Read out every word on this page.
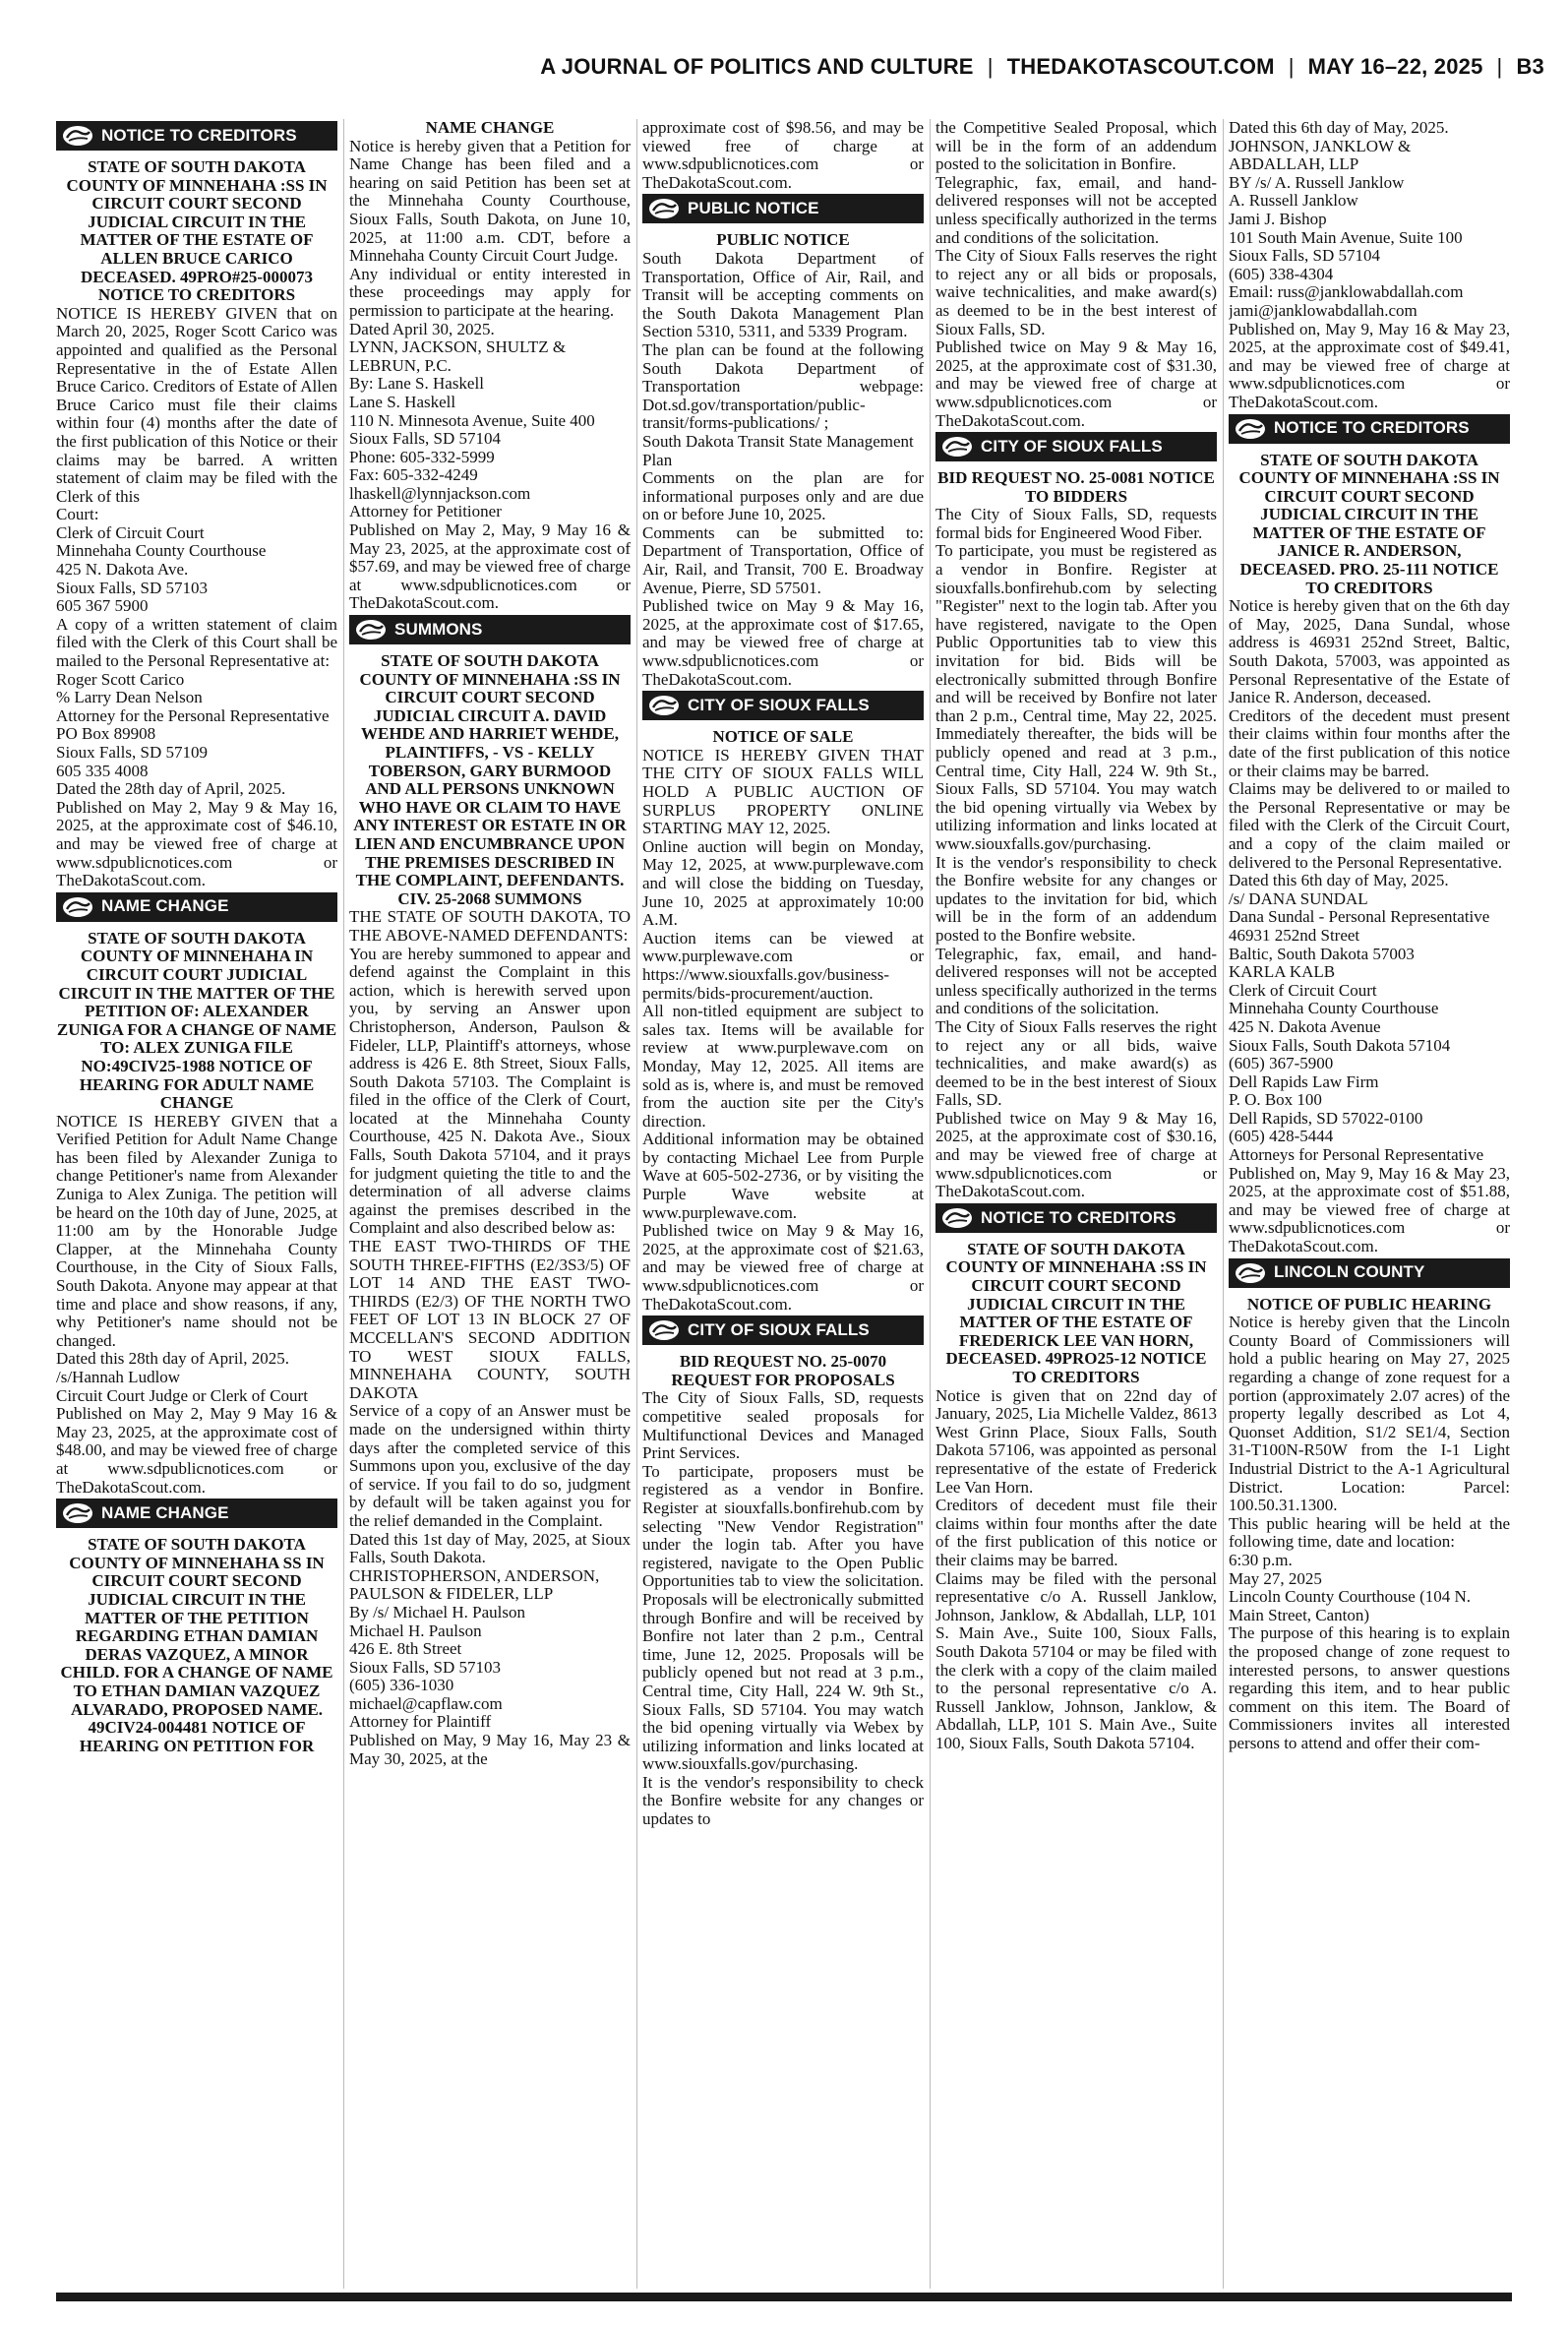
A JOURNAL OF POLITICS AND CULTURE | THEDAKOTASCOUT.COM | MAY 16–22, 2025 | B3
NOTICE TO CREDITORS
STATE OF SOUTH DAKOTA COUNTY OF MINNEHAHA :SS IN CIRCUIT COURT SECOND JUDICIAL CIRCUIT IN THE MATTER OF THE ESTATE OF ALLEN BRUCE CARICO DECEASED. 49PRO#25-000073 NOTICE TO CREDITORS
NOTICE IS HEREBY GIVEN that on March 20, 2025, Roger Scott Carico was appointed and qualified as the Personal Representative in the of Estate Allen Bruce Carico. Creditors of Estate of Allen Bruce Carico must file their claims within four (4) months after the date of the first publication of this Notice or their claims may be barred. A written statement of claim may be filed with the Clerk of this
Court:
Clerk of Circuit Court
Minnehaha County Courthouse
425 N. Dakota Ave.
Sioux Falls, SD 57103
605 367 5900
A copy of a written statement of claim filed with the Clerk of this Court shall be mailed to the Personal Representative at:
Roger Scott Carico
% Larry Dean Nelson
Attorney for the Personal Representative
PO Box 89908
Sioux Falls, SD 57109
605 335 4008
Dated the 28th day of April, 2025.
Published on May 2, May 9 & May 16, 2025, at the approximate cost of $46.10, and may be viewed free of charge at www.sdpublicnotices.com or TheDakotaScout.com.
NAME CHANGE
STATE OF SOUTH DAKOTA COUNTY OF MINNEHAHA IN CIRCUIT COURT JUDICIAL CIRCUIT IN THE MATTER OF THE PETITION OF: ALEXANDER ZUNIGA FOR A CHANGE OF NAME TO: ALEX ZUNIGA FILE NO:49CIV25-1988 NOTICE OF HEARING FOR ADULT NAME CHANGE
NOTICE IS HEREBY GIVEN that a Verified Petition for Adult Name Change has been filed by Alexander Zuniga to change Petitioner's name from Alexander Zuniga to Alex Zuniga. The petition will be heard on the 10th day of June, 2025, at 11:00 am by the Honorable Judge Clapper, at the Minnehaha County Courthouse, in the City of Sioux Falls, South Dakota. Anyone may appear at that time and place and show reasons, if any, why Petitioner's name should not be changed.
Dated this 28th day of April, 2025.
/s/Hannah Ludlow
Circuit Court Judge or Clerk of Court
Published on May 2, May 9 May 16 & May 23, 2025, at the approximate cost of $48.00, and may be viewed free of charge at www.sdpublicnotices.com or TheDakotaScout.com.
NAME CHANGE
STATE OF SOUTH DAKOTA COUNTY OF MINNEHAHA SS IN CIRCUIT COURT SECOND JUDICIAL CIRCUIT IN THE MATTER OF THE PETITION REGARDING ETHAN DAMIAN DERAS VAZQUEZ, A MINOR CHILD. FOR A CHANGE OF NAME TO ETHAN DAMIAN VAZQUEZ ALVARADO, PROPOSED NAME. 49CIV24-004481 NOTICE OF HEARING ON PETITION FOR
NAME CHANGE
Notice is hereby given that a Petition for Name Change has been filed and a hearing on said Petition has been set at the Minnehaha County Courthouse, Sioux Falls, South Dakota, on June 10, 2025, at 11:00 a.m. CDT, before a Minnehaha County Circuit Court Judge.
Any individual or entity interested in these proceedings may apply for permission to participate at the hearing.
Dated April 30, 2025.
LYNN, JACKSON, SHULTZ & LEBRUN, P.C.
By: Lane S. Haskell
Lane S. Haskell
110 N. Minnesota Avenue, Suite 400
Sioux Falls, SD 57104
Phone: 605-332-5999
Fax: 605-332-4249
lhaskell@lynnjackson.com
Attorney for Petitioner
Published on May 2, May, 9 May 16 & May 23, 2025, at the approximate cost of $57.69, and may be viewed free of charge at www.sdpublicnotices.com or TheDakotaScout.com.
SUMMONS
STATE OF SOUTH DAKOTA COUNTY OF MINNEHAHA :SS IN CIRCUIT COURT SECOND JUDICIAL CIRCUIT A. DAVID WEHDE AND HARRIET WEHDE, PLAINTIFFS, - VS - KELLY TOBERSON, GARY BURMOOD AND ALL PERSONS UNKNOWN WHO HAVE OR CLAIM TO HAVE ANY INTEREST OR ESTATE IN OR LIEN AND ENCUMBRANCE UPON THE PREMISES DESCRIBED IN THE COMPLAINT, DEFENDANTS. CIV. 25-2068 SUMMONS
THE STATE OF SOUTH DAKOTA, TO THE ABOVE-NAMED DEFENDANTS:
You are hereby summoned to appear and defend against the Complaint in this action, which is herewith served upon you, by serving an Answer upon Christopherson, Anderson, Paulson & Fideler, LLP, Plaintiff's attorneys, whose address is 426 E. 8th Street, Sioux Falls, South Dakota 57103. The Complaint is filed in the office of the Clerk of Court, located at the Minnehaha County Courthouse, 425 N. Dakota Ave., Sioux Falls, South Dakota 57104, and it prays for judgment quieting the title to and the determination of all adverse claims against the premises described in the Complaint and also described below as:
THE EAST TWO-THIRDS OF THE SOUTH THREE-FIFTHS (E2/3S3/5) OF LOT 14 AND THE EAST TWO-THIRDS (E2/3) OF THE NORTH TWO FEET OF LOT 13 IN BLOCK 27 OF MCCELLAN'S SECOND ADDITION TO WEST SIOUX FALLS, MINNEHAHA COUNTY, SOUTH DAKOTA
Service of a copy of an Answer must be made on the undersigned within thirty days after the completed service of this Summons upon you, exclusive of the day of service. If you fail to do so, judgment by default will be taken against you for the relief demanded in the Complaint.
Dated this 1st day of May, 2025, at Sioux Falls, South Dakota.
CHRISTOPHERSON, ANDERSON, PAULSON & FIDELER, LLP
By /s/ Michael H. Paulson
Michael H. Paulson
426 E. 8th Street
Sioux Falls, SD 57103
(605) 336-1030
michael@capflaw.com
Attorney for Plaintiff
Published on May, 9 May 16, May 23 & May 30, 2025, at the
approximate cost of $98.56, and may be viewed free of charge at www.sdpublicnotices.com or TheDakotaScout.com.
PUBLIC NOTICE
PUBLIC NOTICE
South Dakota Department of Transportation, Office of Air, Rail, and Transit will be accepting comments on the South Dakota Management Plan Section 5310, 5311, and 5339 Program.
The plan can be found at the following South Dakota Department of Transportation webpage: Dot.sd.gov/transportation/public-transit/forms-publications/ ;
South Dakota Transit State Management Plan
Comments on the plan are for informational purposes only and are due on or before June 10, 2025.
Comments can be submitted to: Department of Transportation, Office of Air, Rail, and Transit, 700 E. Broadway Avenue, Pierre, SD 57501.
Published twice on May 9 & May 16, 2025, at the approximate cost of $17.65, and may be viewed free of charge at www.sdpublicnotices.com or TheDakotaScout.com.
CITY OF SIOUX FALLS
NOTICE OF SALE
NOTICE IS HEREBY GIVEN THAT THE CITY OF SIOUX FALLS WILL HOLD A PUBLIC AUCTION OF SURPLUS PROPERTY ONLINE STARTING MAY 12, 2025.
Online auction will begin on Monday, May 12, 2025, at www.purplewave.com and will close the bidding on Tuesday, June 10, 2025 at approximately 10:00 A.M.
Auction items can be viewed at www.purplewave.com or https://www.siouxfalls.gov/business-permits/bids-procurement/auction.
All non-titled equipment are subject to sales tax. Items will be available for review at www.purplewave.com on Monday, May 12, 2025. All items are sold as is, where is, and must be removed from the auction site per the City's direction.
Additional information may be obtained by contacting Michael Lee from Purple Wave at 605-502-2736, or by visiting the Purple Wave website at www.purplewave.com.
Published twice on May 9 & May 16, 2025, at the approximate cost of $21.63, and may be viewed free of charge at www.sdpublicnotices.com or TheDakotaScout.com.
CITY OF SIOUX FALLS
BID REQUEST NO. 25-0070 REQUEST FOR PROPOSALS
The City of Sioux Falls, SD, requests competitive sealed proposals for Multifunctional Devices and Managed Print Services.
To participate, proposers must be registered as a vendor in Bonfire. Register at siouxfalls.bonfirehub.com by selecting "New Vendor Registration" under the login tab. After you have registered, navigate to the Open Public Opportunities tab to view the solicitation. Proposals will be electronically submitted through Bonfire and will be received by Bonfire not later than 2 p.m., Central time, June 12, 2025. Proposals will be publicly opened but not read at 3 p.m., Central time, City Hall, 224 W. 9th St., Sioux Falls, SD 57104. You may watch the bid opening virtually via Webex by utilizing information and links located at www.siouxfalls.gov/purchasing.
It is the vendor's responsibility to check the Bonfire website for any changes or updates to
the Competitive Sealed Proposal, which will be in the form of an addendum posted to the solicitation in Bonfire.
Telegraphic, fax, email, and hand-delivered responses will not be accepted unless specifically authorized in the terms and conditions of the solicitation.
The City of Sioux Falls reserves the right to reject any or all bids or proposals, waive technicalities, and make award(s) as deemed to be in the best interest of Sioux Falls, SD.
Published twice on May 9 & May 16, 2025, at the approximate cost of $31.30, and may be viewed free of charge at www.sdpublicnotices.com or TheDakotaScout.com.
CITY OF SIOUX FALLS
BID REQUEST NO. 25-0081 NOTICE TO BIDDERS
The City of Sioux Falls, SD, requests formal bids for Engineered Wood Fiber.
To participate, you must be registered as a vendor in Bonfire. Register at siouxfalls.bonfirehub.com by selecting "Register" next to the login tab. After you have registered, navigate to the Open Public Opportunities tab to view this invitation for bid. Bids will be electronically submitted through Bonfire and will be received by Bonfire not later than 2 p.m., Central time, May 22, 2025. Immediately thereafter, the bids will be publicly opened and read at 3 p.m., Central time, City Hall, 224 W. 9th St., Sioux Falls, SD 57104. You may watch the bid opening virtually via Webex by utilizing information and links located at www.siouxfalls.gov/purchasing.
It is the vendor's responsibility to check the Bonfire website for any changes or updates to the invitation for bid, which will be in the form of an addendum posted to the Bonfire website.
Telegraphic, fax, email, and hand-delivered responses will not be accepted unless specifically authorized in the terms and conditions of the solicitation.
The City of Sioux Falls reserves the right to reject any or all bids, waive technicalities, and make award(s) as deemed to be in the best interest of Sioux Falls, SD.
Published twice on May 9 & May 16, 2025, at the approximate cost of $30.16, and may be viewed free of charge at www.sdpublicnotices.com or TheDakotaScout.com.
NOTICE TO CREDITORS
STATE OF SOUTH DAKOTA COUNTY OF MINNEHAHA :SS IN CIRCUIT COURT SECOND JUDICIAL CIRCUIT IN THE MATTER OF THE ESTATE OF FREDERICK LEE VAN HORN, DECEASED. 49PRO25-12 NOTICE TO CREDITORS
Notice is given that on 22nd day of January, 2025, Lia Michelle Valdez, 8613 West Grinn Place, Sioux Falls, South Dakota 57106, was appointed as personal representative of the estate of Frederick Lee Van Horn.
Creditors of decedent must file their claims within four months after the date of the first publication of this notice or their claims may be barred.
Claims may be filed with the personal representative c/o A. Russell Janklow, Johnson, Janklow, & Abdallah, LLP, 101 S. Main Ave., Suite 100, Sioux Falls, South Dakota 57104 or may be filed with the clerk with a copy of the claim mailed to the personal representative c/o A. Russell Janklow, Johnson, Janklow, & Abdallah, LLP, 101 S. Main Ave., Suite 100, Sioux Falls, South Dakota 57104.
Dated this 6th day of May, 2025.
JOHNSON, JANKLOW & ABDALLAH, LLP
BY /s/ A. Russell Janklow
A. Russell Janklow
Jami J. Bishop
101 South Main Avenue, Suite 100
Sioux Falls, SD 57104
(605) 338-4304
Email: russ@janklowabdallah.com
jami@janklowabdallah.com
Published on, May 9, May 16 & May 23, 2025, at the approximate cost of $49.41, and may be viewed free of charge at www.sdpublicnotices.com or TheDakotaScout.com.
NOTICE TO CREDITORS
STATE OF SOUTH DAKOTA COUNTY OF MINNEHAHA :SS IN CIRCUIT COURT SECOND JUDICIAL CIRCUIT IN THE MATTER OF THE ESTATE OF JANICE R. ANDERSON, DECEASED. PRO. 25-111 NOTICE TO CREDITORS
Notice is hereby given that on the 6th day of May, 2025, Dana Sundal, whose address is 46931 252nd Street, Baltic, South Dakota, 57003, was appointed as Personal Representative of the Estate of Janice R. Anderson, deceased.
Creditors of the decedent must present their claims within four months after the date of the first publication of this notice or their claims may be barred.
Claims may be delivered to or mailed to the Personal Representative or may be filed with the Clerk of the Circuit Court, and a copy of the claim mailed or delivered to the Personal Representative.
Dated this 6th day of May, 2025.
/s/ DANA SUNDAL
Dana Sundal - Personal Representative
46931 252nd Street
Baltic, South Dakota 57003
KARLA KALB
Clerk of Circuit Court
Minnehaha County Courthouse
425 N. Dakota Avenue
Sioux Falls, South Dakota 57104
(605) 367-5900
Dell Rapids Law Firm
P. O. Box 100
Dell Rapids, SD 57022-0100
(605) 428-5444
Attorneys for Personal Representative
Published on, May 9, May 16 & May 23, 2025, at the approximate cost of $51.88, and may be viewed free of charge at www.sdpublicnotices.com or TheDakotaScout.com.
LINCOLN COUNTY
NOTICE OF PUBLIC HEARING
Notice is hereby given that the Lincoln County Board of Commissioners will hold a public hearing on May 27, 2025 regarding a change of zone request for a portion (approximately 2.07 acres) of the property legally described as Lot 4, Quonset Addition, S1/2 SE1/4, Section 31-T100N-R50W from the I-1 Light Industrial District to the A-1 Agricultural District. Location: Parcel: 100.50.31.1300.
This public hearing will be held at the following time, date and location:
6:30 p.m.
May 27, 2025
Lincoln County Courthouse (104 N. Main Street, Canton)
The purpose of this hearing is to explain the proposed change of zone request to interested persons, to answer questions regarding this item, and to hear public comment on this item. The Board of Commissioners invites all interested persons to attend and offer their com-
